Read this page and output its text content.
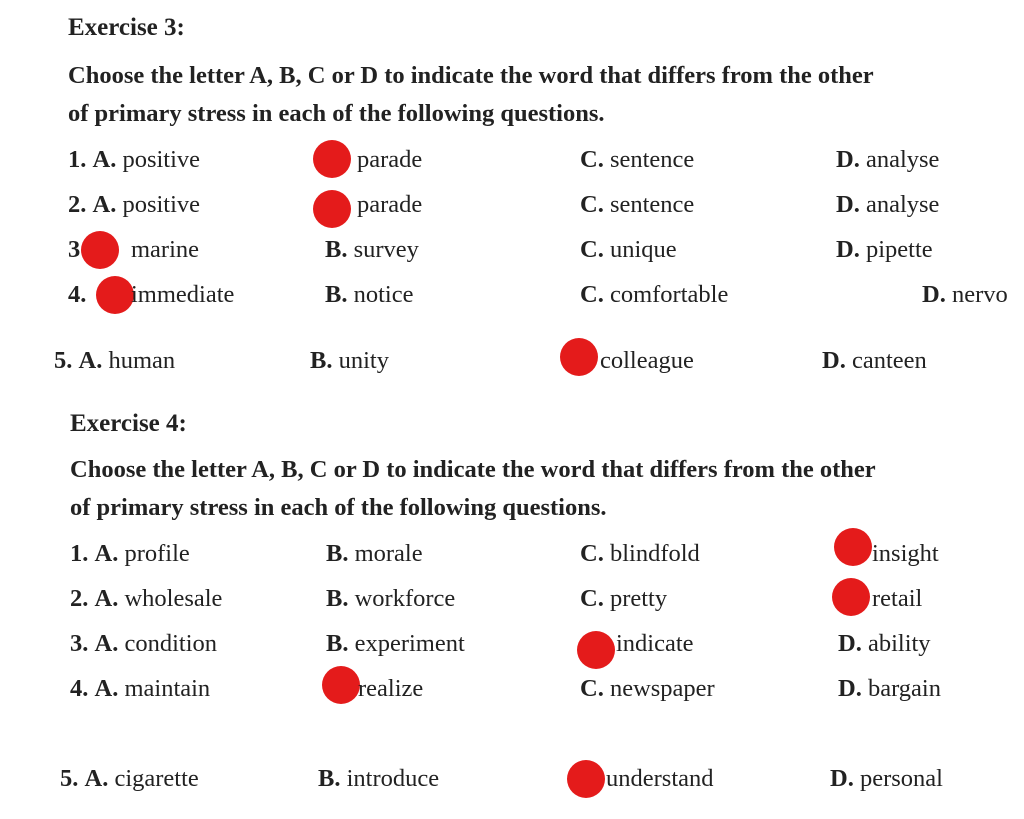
Exercise 3:
Choose the letter A, B, C or D to indicate the word that differs from the other
of primary stress in each of the following questions.
1. A. positive	parade	C. sentence	D. analyse
2. A. positive	parade	C. sentence	D. analyse
3 marine	B. survey	C. unique	D. pipette
4. immediate	B. notice	C. comfortable	D. nervo
5. A. human	B. unity	colleague	D. canteen
Exercise 4:
Choose the letter A, B, C or D to indicate the word that differs from the other
of primary stress in each of the following questions.
1. A. profile	B. morale	C. blindfold	insight
2. A. wholesale	B. workforce	C. pretty	retail
3. A. condition	B. experiment	indicate	D. ability
4. A. maintain	realize	C. newspaper	D. bargain
5. A. cigarette	B. introduce	understand	D. personal
